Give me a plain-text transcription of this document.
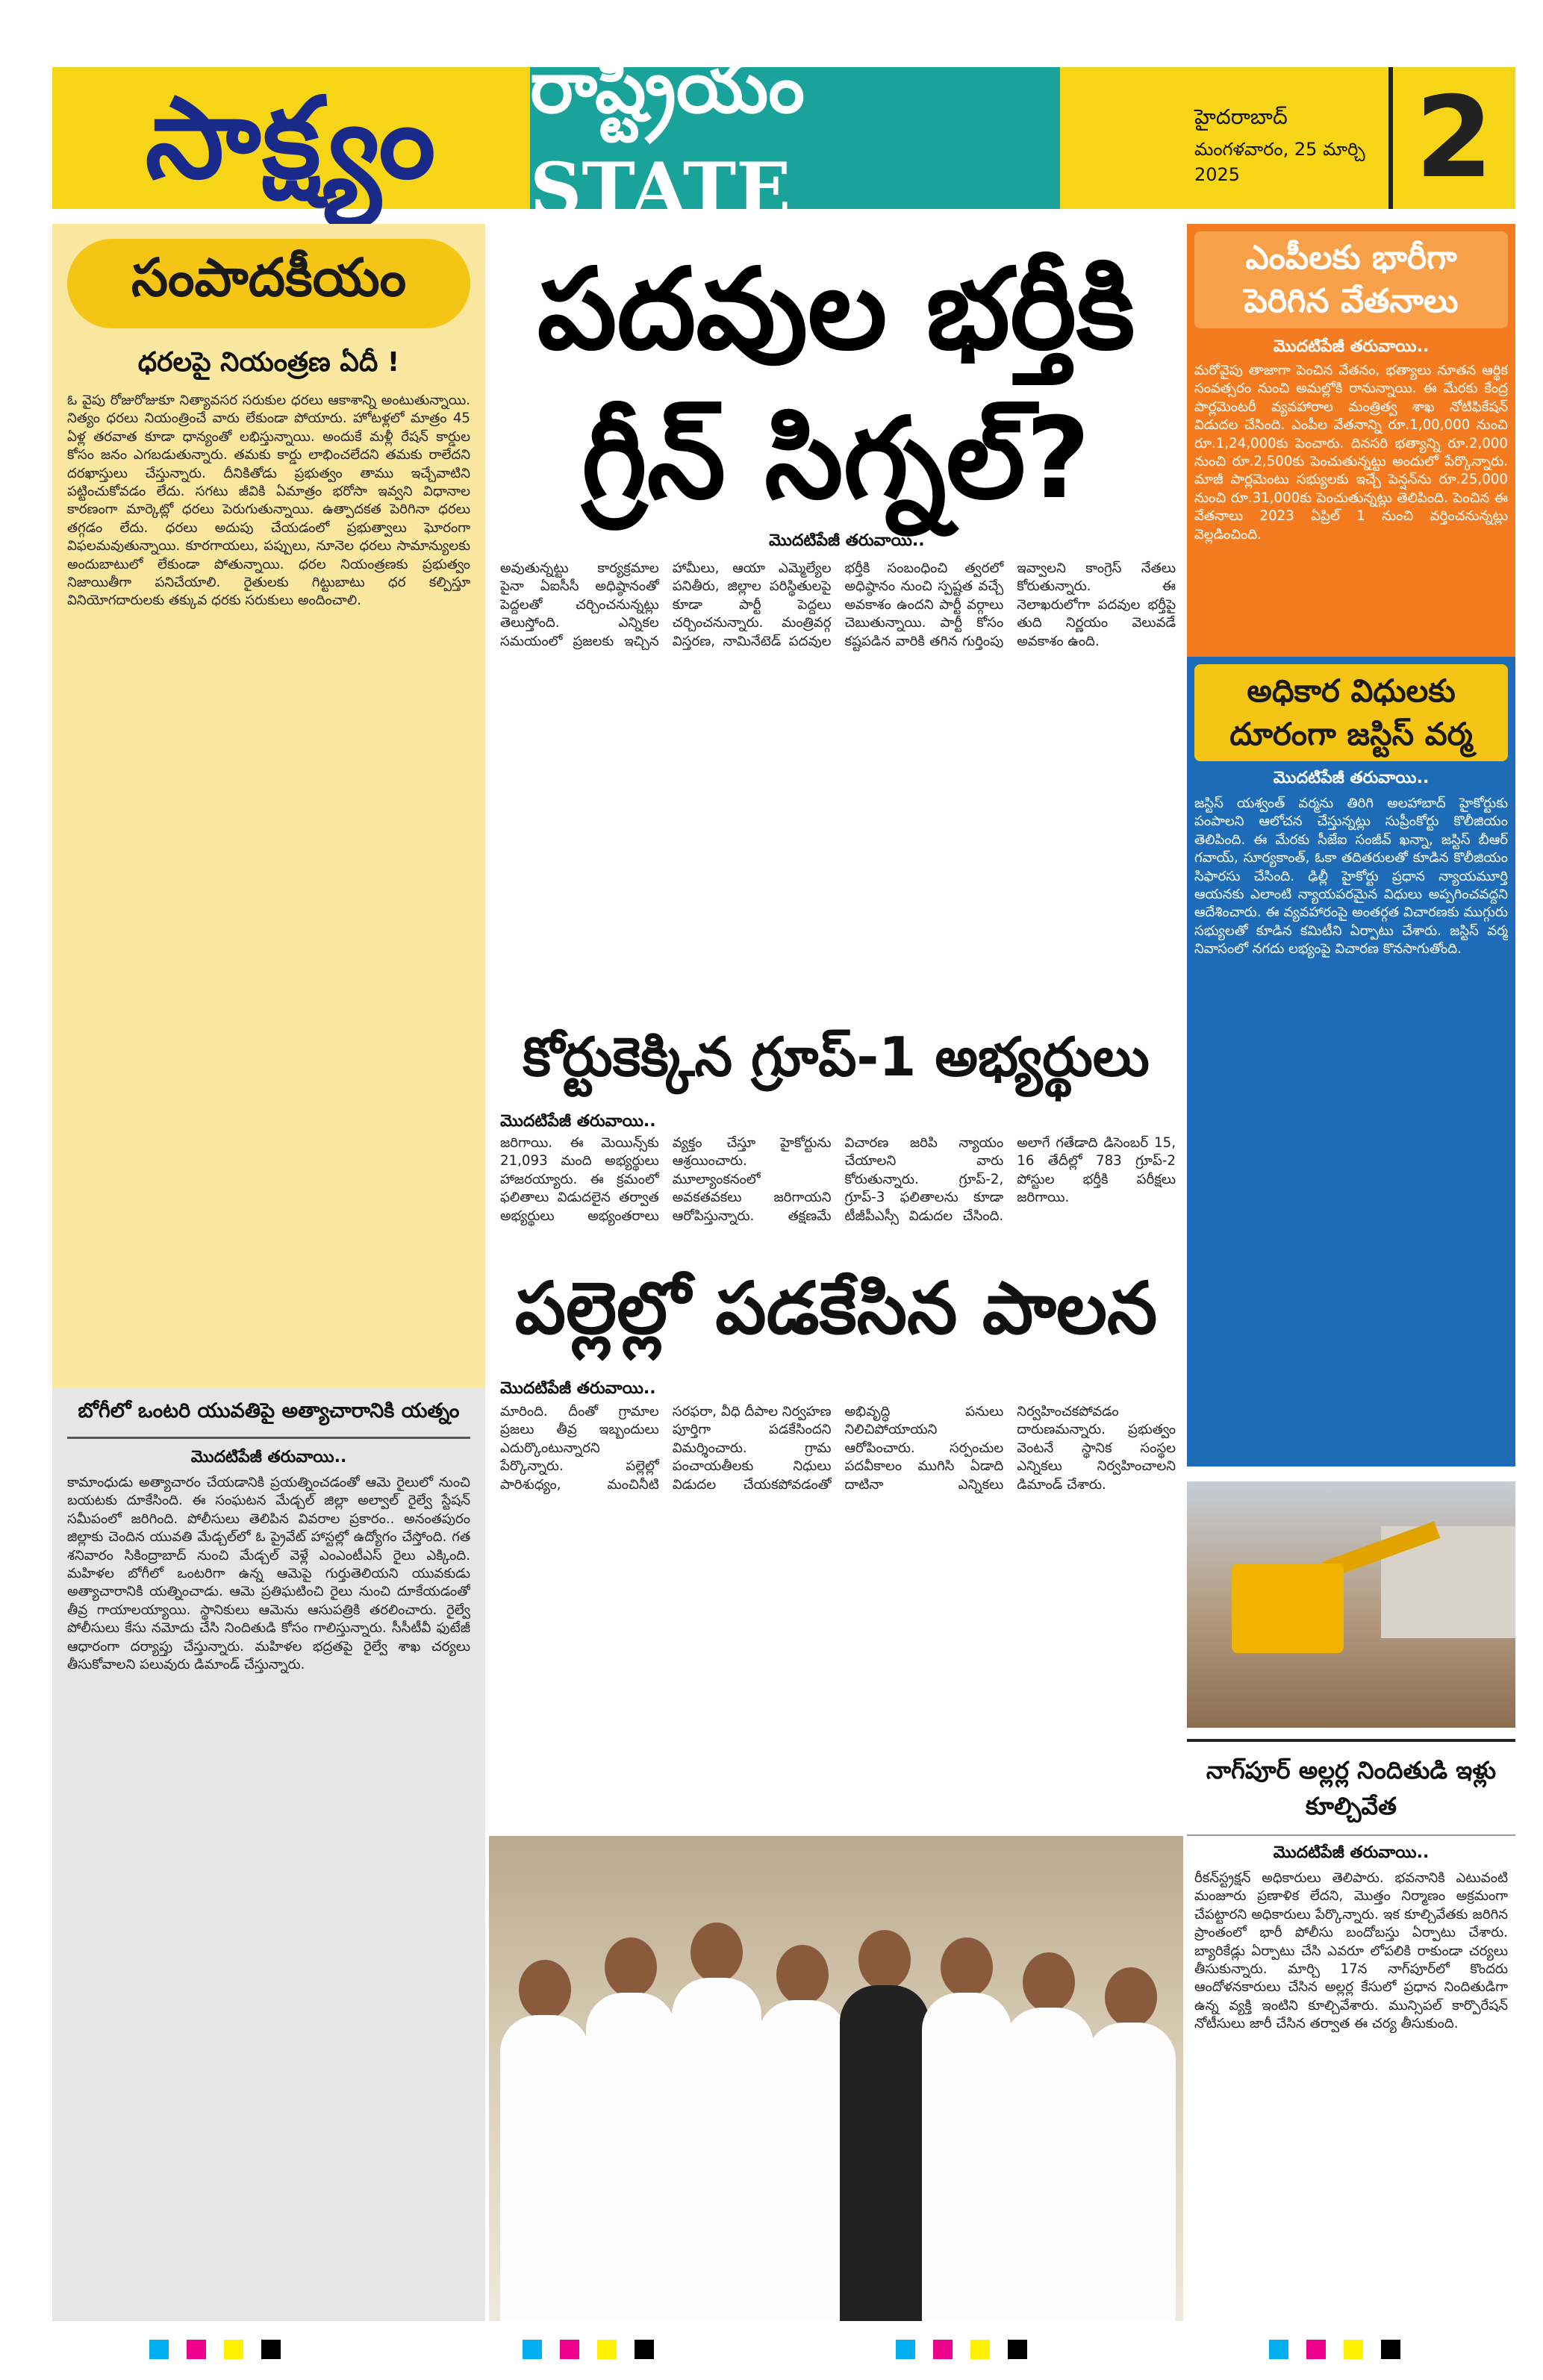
సాక్ష్యం రాష్ట్రీయం STATE
హైదరాబాద్
మంగళవారం, 25 మార్చి 2025	2
సంపాదకీయం
ధరలపై నియంత్రణ ఏదీ !
ఓ వైపు రోజురోజుకూ నిత్యావసర సరుకుల ధరలు ఆకాశాన్ని అంటుతున్నాయి. నిత్యం ధరలు నియంత్రించే వారు లేకుండా పోయారు. హోటళ్లలో మాత్రం 45 ఏళ్ల తరవాత కూడా ధాన్యంతో లభిస్తున్నాయి. అందుకే మళ్లీ రేషన్ కార్డుల కోసం జనం ఎగబడుతున్నారు. తమకు కార్డు లాభించలేదని తమకు రాలేదని దరఖాస్తులు చేస్తున్నారు. దీనికితోడు ప్రభుత్వం తాము ఇచ్చేవాటిని పట్టించుకోవడం లేదు. సగటు జీవికి ఏమాత్రం భరోసా ఇవ్వని విధానాల కారణంగా మార్కెట్లో ధరలు పెరుగుతున్నాయి. ఉత్పాదకత పెరిగినా ధరలు తగ్గడం లేదు. ధరలు అదుపు చేయడంలో ప్రభుత్వాలు ఘోరంగా విఫలమవుతున్నాయి. కూరగాయలు, పప్పులు, నూనెల ధరలు సామాన్యులకు అందుబాటులో లేకుండా పోతున్నాయి. ధరల నియంత్రణకు ప్రభుత్వం నిజాయితీగా పనిచేయాలి. రైతులకు గిట్టుబాటు ధర కల్పిస్తూ వినియోగదారులకు తక్కువ ధరకు సరుకులు అందించాలి.
పదవుల భర్తీకి
గ్రీన్ సిగ్నల్?
మొదటిపేజీ తరువాయి..
అవుతున్నట్టు కార్యక్రమాల పైనా ఏఐసీసీ అధిష్ఠానంతో పెద్దలతో చర్చించనున్నట్లు తెలుస్తోంది. ఎన్నికల సమయంలో ప్రజలకు ఇచ్చిన హామీలు, ఆయా ఎమ్మెల్యేల పనితీరు, జిల్లాల పరిస్థితులపై కూడా పార్టీ పెద్దలు చర్చించనున్నారు. మంత్రివర్గ విస్తరణ, నామినేటెడ్ పదవుల భర్తీకి సంబంధించి త్వరలో అధిష్ఠానం నుంచి స్పష్టత వచ్చే అవకాశం ఉందని పార్టీ వర్గాలు చెబుతున్నాయి. పార్టీ కోసం కష్టపడిన వారికి తగిన గుర్తింపు ఇవ్వాలని కాంగ్రెస్ నేతలు కోరుతున్నారు. ఈ నెలాఖరులోగా పదవుల భర్తీపై తుది నిర్ణయం వెలువడే అవకాశం ఉంది.
ఎంపీలకు భారీగా
పెరిగిన వేతనాలు
మొదటిపేజీ తరువాయి..
మరోవైపు తాజాగా పెంచిన వేతనం, భత్యాలు నూతన ఆర్థిక సంవత్సరం నుంచి అమల్లోకి రానున్నాయి. ఈ మేరకు కేంద్ర పార్లమెంటరీ వ్యవహారాల మంత్రిత్వ శాఖ నోటిఫికేషన్ విడుదల చేసింది. ఎంపీల వేతనాన్ని రూ.1,00,000 నుంచి రూ.1,24,000కు పెంచారు. దినసరి భత్యాన్ని రూ.2,000 నుంచి రూ.2,500కు పెంచుతున్నట్టు అందులో పేర్కొన్నారు. మాజీ పార్లమెంటు సభ్యులకు ఇచ్చే పెన్షన్‌ను రూ.25,000 నుంచి రూ.31,000కు పెంచుతున్నట్లు తెలిపింది. పెంచిన ఈ వేతనాలు 2023 ఏప్రిల్ 1 నుంచి వర్తించనున్నట్లు వెల్లడించింది.
అధికార విధులకు
దూరంగా జస్టిస్ వర్మ
మొదటిపేజీ తరువాయి..
జస్టిస్ యశ్వంత్ వర్మను తిరిగి అలహాబాద్ హైకోర్టుకు పంపాలని ఆలోచన చేస్తున్నట్లు సుప్రీంకోర్టు కొలీజియం తెలిపింది. ఈ మేరకు సీజేఐ సంజీవ్ ఖన్నా, జస్టిస్ బీఆర్ గవాయ్, సూర్యకాంత్, ఓకా తదితరులతో కూడిన కొలీజియం సిఫారసు చేసింది. ఢిల్లీ హైకోర్టు ప్రధాన న్యాయమూర్తి ఆయనకు ఎలాంటి న్యాయపరమైన విధులు అప్పగించవద్దని ఆదేశించారు. ఈ వ్యవహారంపై అంతర్గత విచారణకు ముగ్గురు సభ్యులతో కూడిన కమిటీని ఏర్పాటు చేశారు. జస్టిస్ వర్మ నివాసంలో నగదు లభ్యంపై విచారణ కొనసాగుతోంది.
కోర్టుకెక్కిన గ్రూప్-1 అభ్యర్థులు
మొదటిపేజీ తరువాయి..
జరిగాయి. ఈ మెయిన్స్‌కు 21,093 మంది అభ్యర్థులు హాజరయ్యారు. ఈ క్రమంలో ఫలితాలు విడుదలైన తర్వాత అభ్యర్థులు అభ్యంతరాలు వ్యక్తం చేస్తూ హైకోర్టును ఆశ్రయించారు. మూల్యాంకనంలో అవకతవకలు జరిగాయని ఆరోపిస్తున్నారు. తక్షణమే విచారణ జరిపి న్యాయం చేయాలని వారు కోరుతున్నారు. గ్రూప్-2, గ్రూప్-3 ఫలితాలను కూడా టీజీపీఎస్సీ విడుదల చేసింది. అలాగే గతేడాది డిసెంబర్ 15, 16 తేదీల్లో 783 గ్రూప్-2 పోస్టుల భర్తీకి పరీక్షలు జరిగాయి.
పల్లెల్లో పడకేసిన పాలన
మొదటిపేజీ తరువాయి..
మారింది. దీంతో గ్రామాల ప్రజలు తీవ్ర ఇబ్బందులు ఎదుర్కొంటున్నారని పేర్కొన్నారు. పల్లెల్లో పారిశుధ్యం, మంచినీటి సరఫరా, వీధి దీపాల నిర్వహణ పూర్తిగా పడకేసిందని విమర్శించారు. గ్రామ పంచాయతీలకు నిధులు విడుదల చేయకపోవడంతో అభివృద్ధి పనులు నిలిచిపోయాయని ఆరోపించారు. సర్పంచుల పదవీకాలం ముగిసి ఏడాది దాటినా ఎన్నికలు నిర్వహించకపోవడం దారుణమన్నారు. ప్రభుత్వం వెంటనే స్థానిక సంస్థల ఎన్నికలు నిర్వహించాలని డిమాండ్ చేశారు.
బోగీలో ఒంటరి యువతిపై అత్యాచారానికి యత్నం
మొదటిపేజీ తరువాయి..
కామాంధుడు అత్యాచారం చేయడానికి ప్రయత్నించడంతో ఆమె రైలులో నుంచి బయటకు దూకేసింది. ఈ సంఘటన మేడ్చల్ జిల్లా అల్వాల్ రైల్వే స్టేషన్ సమీపంలో జరిగింది. పోలీసులు తెలిపిన వివరాల ప్రకారం.. అనంతపురం జిల్లాకు చెందిన యువతి మేడ్చల్‌లో ఓ ప్రైవేట్ హాస్టల్లో ఉద్యోగం చేస్తోంది. గత శనివారం సికింద్రాబాద్ నుంచి మేడ్చల్ వెళ్లే ఎంఎంటీఎస్ రైలు ఎక్కింది. మహిళల బోగీలో ఒంటరిగా ఉన్న ఆమెపై గుర్తుతెలియని యువకుడు అత్యాచారానికి యత్నించాడు. ఆమె ప్రతిఘటించి రైలు నుంచి దూకేయడంతో తీవ్ర గాయాలయ్యాయి. స్థానికులు ఆమెను ఆసుపత్రికి తరలించారు. రైల్వే పోలీసులు కేసు నమోదు చేసి నిందితుడి కోసం గాలిస్తున్నారు. సీసీటీవీ ఫుటేజీ ఆధారంగా దర్యాప్తు చేస్తున్నారు. మహిళల భద్రతపై రైల్వే శాఖ చర్యలు తీసుకోవాలని పలువురు డిమాండ్ చేస్తున్నారు.
నాగ్‌పూర్ అల్లర్ల నిందితుడి ఇళ్లు
కూల్చివేత
మొదటిపేజీ తరువాయి..
రీకన్‌స్ట్రక్షన్ అధికారులు తెలిపారు. భవనానికి ఎటువంటి మంజూరు ప్రణాళిక లేదని, మొత్తం నిర్మాణం అక్రమంగా చేపట్టారని అధికారులు పేర్కొన్నారు. ఇక కూల్చివేతకు జరిగిన ప్రాంతంలో భారీ పోలీసు బందోబస్తు ఏర్పాటు చేశారు. బ్యారికేడ్లు ఏర్పాటు చేసి ఎవరూ లోపలికి రాకుండా చర్యలు తీసుకున్నారు. మార్చి 17న నాగ్‌పూర్‌లో కొందరు ఆందోళనకారులు చేసిన అల్లర్ల కేసులో ప్రధాన నిందితుడిగా ఉన్న వ్యక్తి ఇంటిని కూల్చివేశారు. మున్సిపల్ కార్పొరేషన్ నోటీసులు జారీ చేసిన తర్వాత ఈ చర్య తీసుకుంది.
